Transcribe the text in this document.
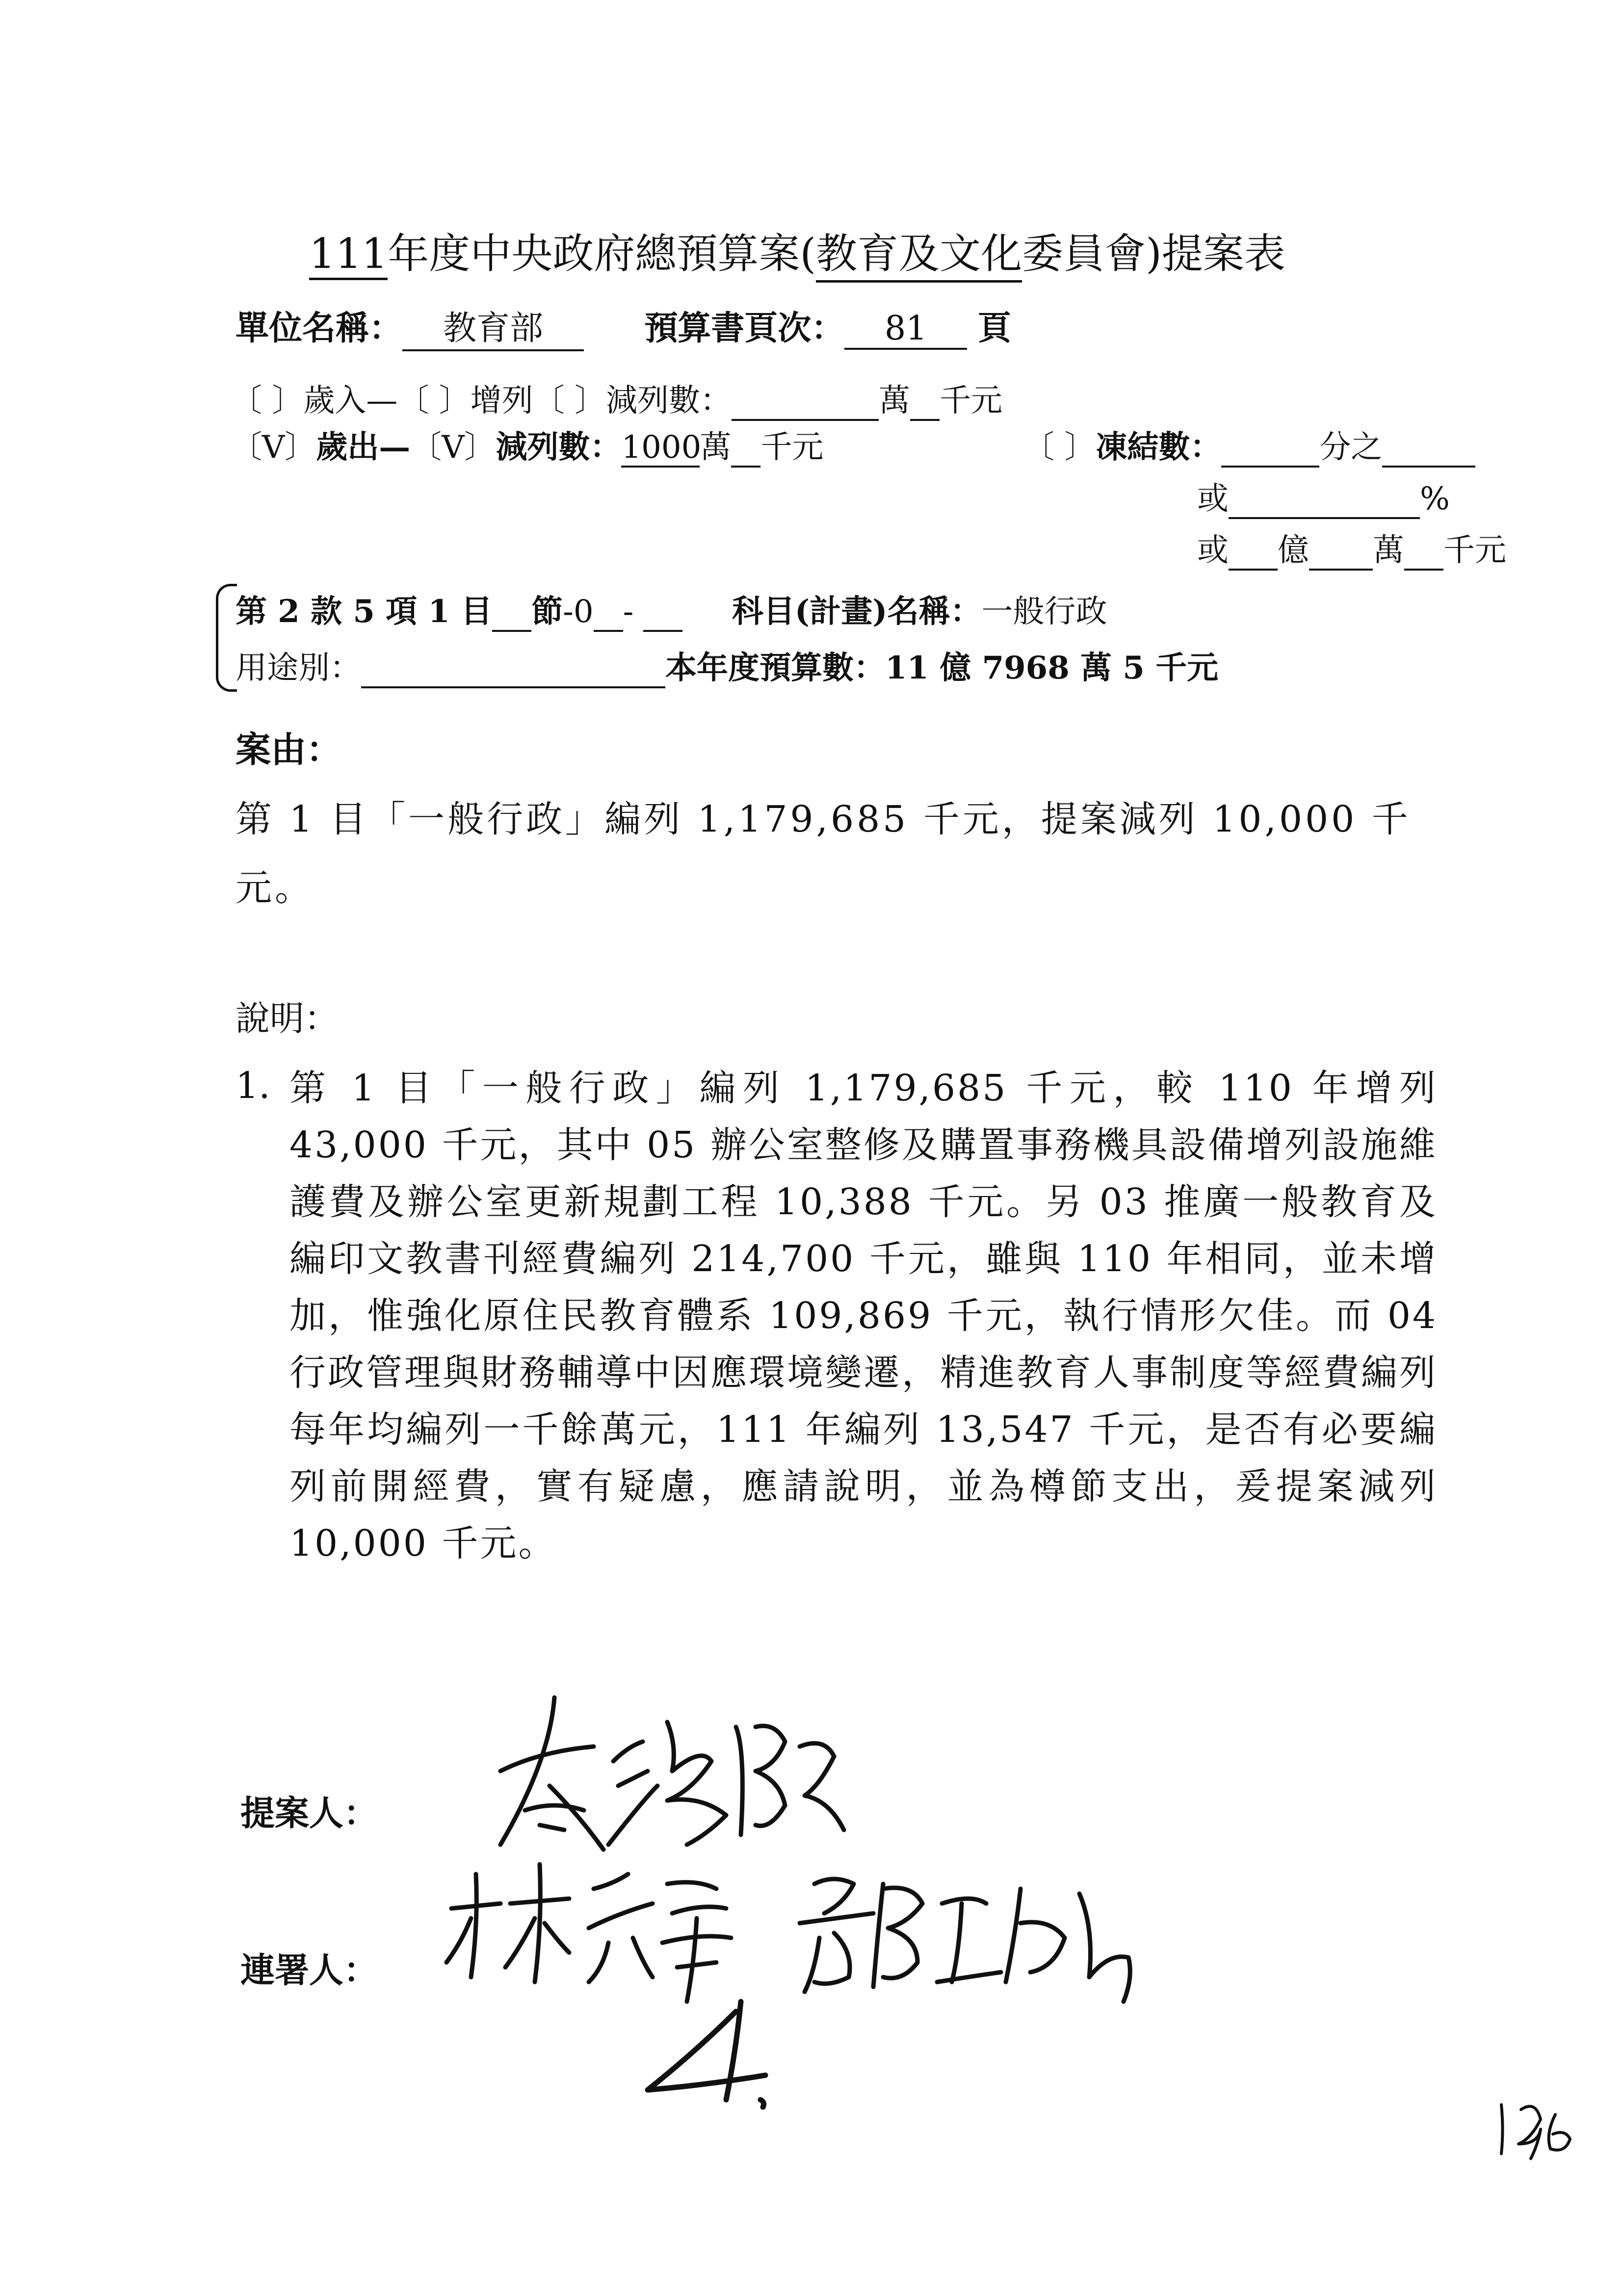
111年度中央政府總預算案(教育及文化委員會)提案表
單位名稱： 教育部	預算書頁次： 81 頁
〔 〕歲入—〔 〕增列〔 〕減列數：	萬 千元
〔V〕歲出—〔V〕減列數：1000萬 千元	〔 〕凍結數：	分之
或	%
或 億 萬 千元
第 2 款 5 項 1 目 節-0 -	科目(計畫)名稱：一般行政
用途別：	本年度預算數：11 億 7968 萬 5 千元
案由：
第 1 目「一般行政」編列 1,179,685 千元，提案減列 10,000 千元。
說明：
1. 第 1 目「一般行政」編列 1,179,685 千元，較 110 年增列 43,000 千元，其中 05 辦公室整修及購置事務機具設備增列設施維護費及辦公室更新規劃工程 10,388 千元。另 03 推廣一般教育及編印文教書刊經費編列 214,700 千元，雖與 110 年相同，並未增加，惟強化原住民教育體系 109,869 千元，執行情形欠佳。而 04 行政管理與財務輔導中因應環境變遷，精進教育人事制度等經費編列每年均編列一千餘萬元，111 年編列 13,547 千元，是否有必要編列前開經費，實有疑慮，應請說明，並為樽節支出，爰提案減列 10,000 千元。
提案人：
連署人：
